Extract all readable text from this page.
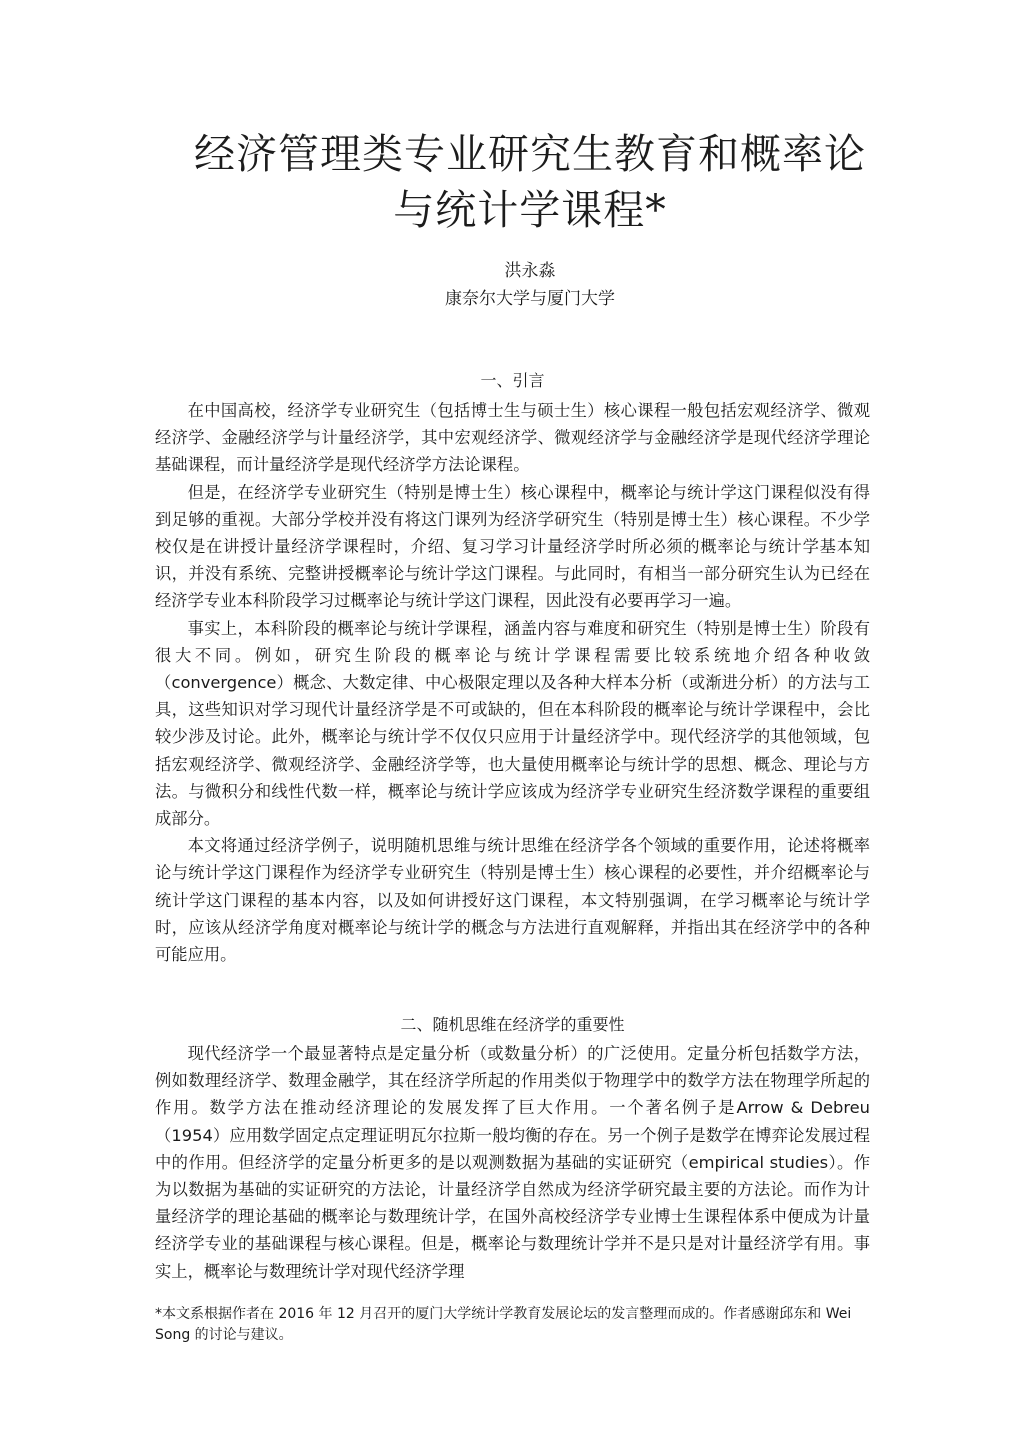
经济管理类专业研究生教育和概率论
与统计学课程*
洪永淼
康奈尔大学与厦门大学
一、引言

在中国高校，经济学专业研究生（包括博士生与硕士生）核心课程一般包括宏观经济学、微观经济学、金融经济学与计量经济学，其中宏观经济学、微观经济学与金融经济学是现代经济学理论基础课程，而计量经济学是现代经济学方法论课程。

但是，在经济学专业研究生（特别是博士生）核心课程中，概率论与统计学这门课程似没有得到足够的重视。大部分学校并没有将这门课列为经济学研究生（特别是博士生）核心课程。不少学校仅是在讲授计量经济学课程时，介绍、复习学习计量经济学时所必须的概率论与统计学基本知识，并没有系统、完整讲授概率论与统计学这门课程。与此同时，有相当一部分研究生认为已经在经济学专业本科阶段学习过概率论与统计学这门课程，因此没有必要再学习一遍。

事实上，本科阶段的概率论与统计学课程，涵盖内容与难度和研究生（特别是博士生）阶段有很大不同。例如，研究生阶段的概率论与统计学课程需要比较系统地介绍各种收敛（convergence）概念、大数定律、中心极限定理以及各种大样本分析（或渐进分析）的方法与工具，这些知识对学习现代计量经济学是不可或缺的，但在本科阶段的概率论与统计学课程中，会比较少涉及讨论。此外，概率论与统计学不仅仅只应用于计量经济学中。现代经济学的其他领域，包括宏观经济学、微观经济学、金融经济学等，也大量使用概率论与统计学的思想、概念、理论与方法。与微积分和线性代数一样，概率论与统计学应该成为经济学专业研究生经济数学课程的重要组成部分。

本文将通过经济学例子，说明随机思维与统计思维在经济学各个领域的重要作用，论述将概率论与统计学这门课程作为经济学专业研究生（特别是博士生）核心课程的必要性，并介绍概率论与统计学这门课程的基本内容，以及如何讲授好这门课程，本文特别强调，在学习概率论与统计学时，应该从经济学角度对概率论与统计学的概念与方法进行直观解释，并指出其在经济学中的各种可能应用。

二、随机思维在经济学的重要性

现代经济学一个最显著特点是定量分析（或数量分析）的广泛使用。定量分析包括数学方法，例如数理经济学、数理金融学，其在经济学所起的作用类似于物理学中的数学方法在物理学所起的作用。数学方法在推动经济理论的发展发挥了巨大作用。一个著名例子是Arrow & Debreu（1954）应用数学固定点定理证明瓦尔拉斯一般均衡的存在。另一个例子是数学在博弈论发展过程中的作用。但经济学的定量分析更多的是以观测数据为基础的实证研究（empirical studies）。作为以数据为基础的实证研究的方法论，计量经济学自然成为经济学研究最主要的方法论。而作为计量经济学的理论基础的概率论与数理统计学，在国外高校经济学专业博士生课程体系中便成为计量经济学专业的基础课程与核心课程。但是，概率论与数理统计学并不是只是对计量经济学有用。事实上，概率论与数理统计学对现代经济学理

*本文系根据作者在 2016 年 12 月召开的厦门大学统计学教育发展论坛的发言整理而成的。作者感谢邱东和 Wei Song 的讨论与建议。
